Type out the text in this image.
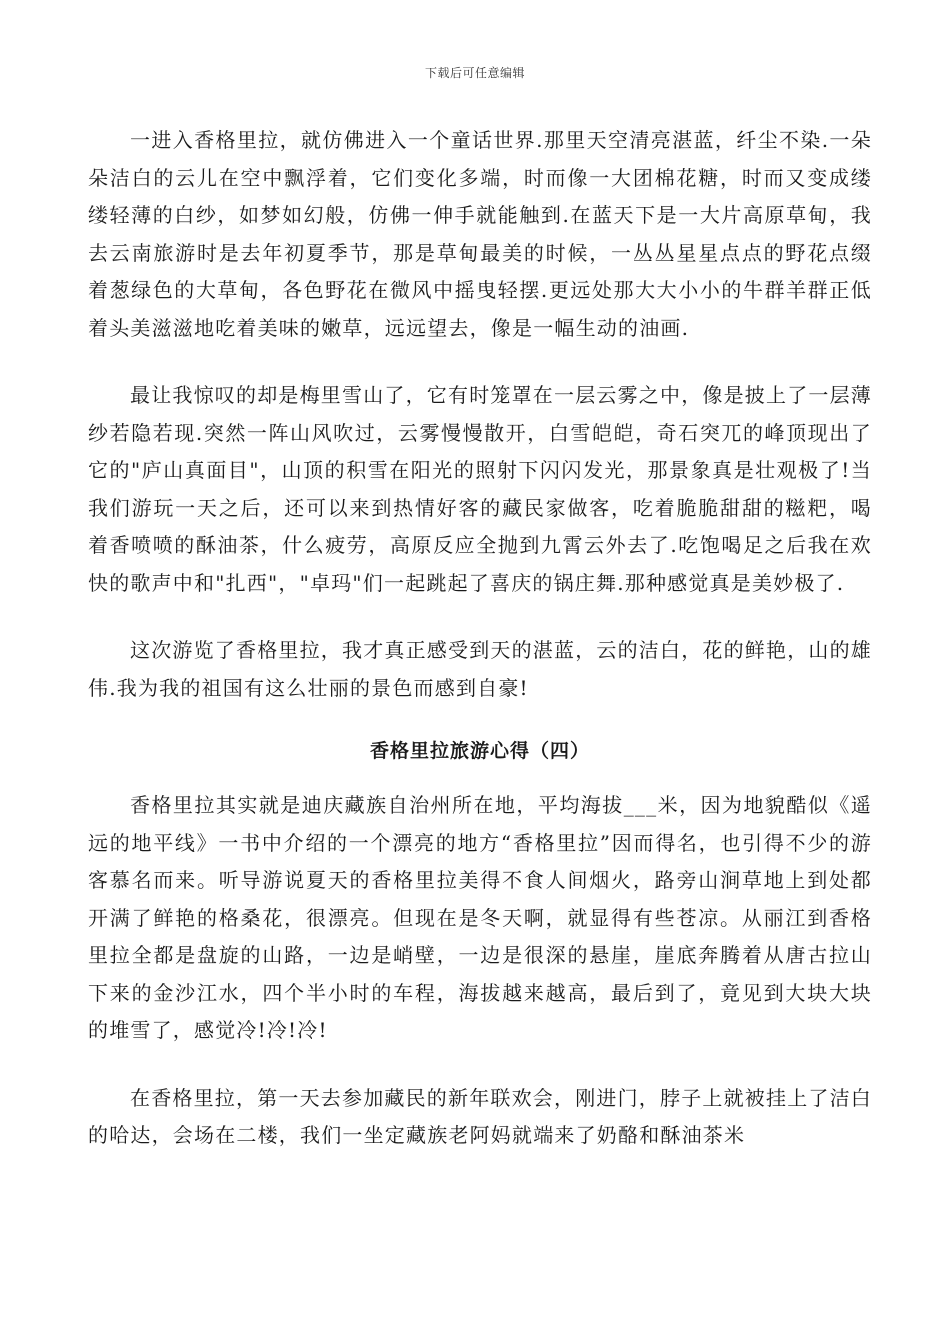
下载后可任意编辑

一进入香格里拉，就仿佛进入一个童话世界.那里天空清亮湛蓝，纤尘不染.一朵朵洁白的云儿在空中飘浮着，它们变化多端，时而像一大团棉花糖，时而又变成缕缕轻薄的白纱，如梦如幻般，仿佛一伸手就能触到.在蓝天下是一大片高原草甸，我去云南旅游时是去年初夏季节，那是草甸最美的时候，一丛丛星星点点的野花点缀着葱绿色的大草甸，各色野花在微风中摇曳轻摆.更远处那大大小小的牛群羊群正低着头美滋滋地吃着美味的嫩草，远远望去，像是一幅生动的油画.

最让我惊叹的却是梅里雪山了，它有时笼罩在一层云雾之中，像是披上了一层薄纱若隐若现.突然一阵山风吹过，云雾慢慢散开，白雪皑皑，奇石突兀的峰顶现出了它的"庐山真面目"，山顶的积雪在阳光的照射下闪闪发光，那景象真是壮观极了!当我们游玩一天之后，还可以来到热情好客的藏民家做客，吃着脆脆甜甜的糍粑，喝着香喷喷的酥油茶，什么疲劳，高原反应全抛到九霄云外去了.吃饱喝足之后我在欢快的歌声中和"扎西"，"卓玛"们一起跳起了喜庆的锅庄舞.那种感觉真是美妙极了.

这次游览了香格里拉，我才真正感受到天的湛蓝，云的洁白，花的鲜艳，山的雄伟.我为我的祖国有这么壮丽的景色而感到自豪!

香格里拉旅游心得（四）

香格里拉其实就是迪庆藏族自治州所在地，平均海拔___米，因为地貌酷似《遥远的地平线》一书中介绍的一个漂亮的地方“香格里拉”因而得名，也引得不少的游客慕名而来。听导游说夏天的香格里拉美得不食人间烟火，路旁山涧草地上到处都开满了鲜艳的格桑花，很漂亮。但现在是冬天啊，就显得有些苍凉。从丽江到香格里拉全都是盘旋的山路，一边是峭壁，一边是很深的悬崖，崖底奔腾着从唐古拉山下来的金沙江水，四个半小时的车程，海拔越来越高，最后到了，竟见到大块大块的堆雪了，感觉冷!冷!冷!

在香格里拉，第一天去参加藏民的新年联欢会，刚进门，脖子上就被挂上了洁白的哈达，会场在二楼，我们一坐定藏族老阿妈就端来了奶酪和酥油茶米
